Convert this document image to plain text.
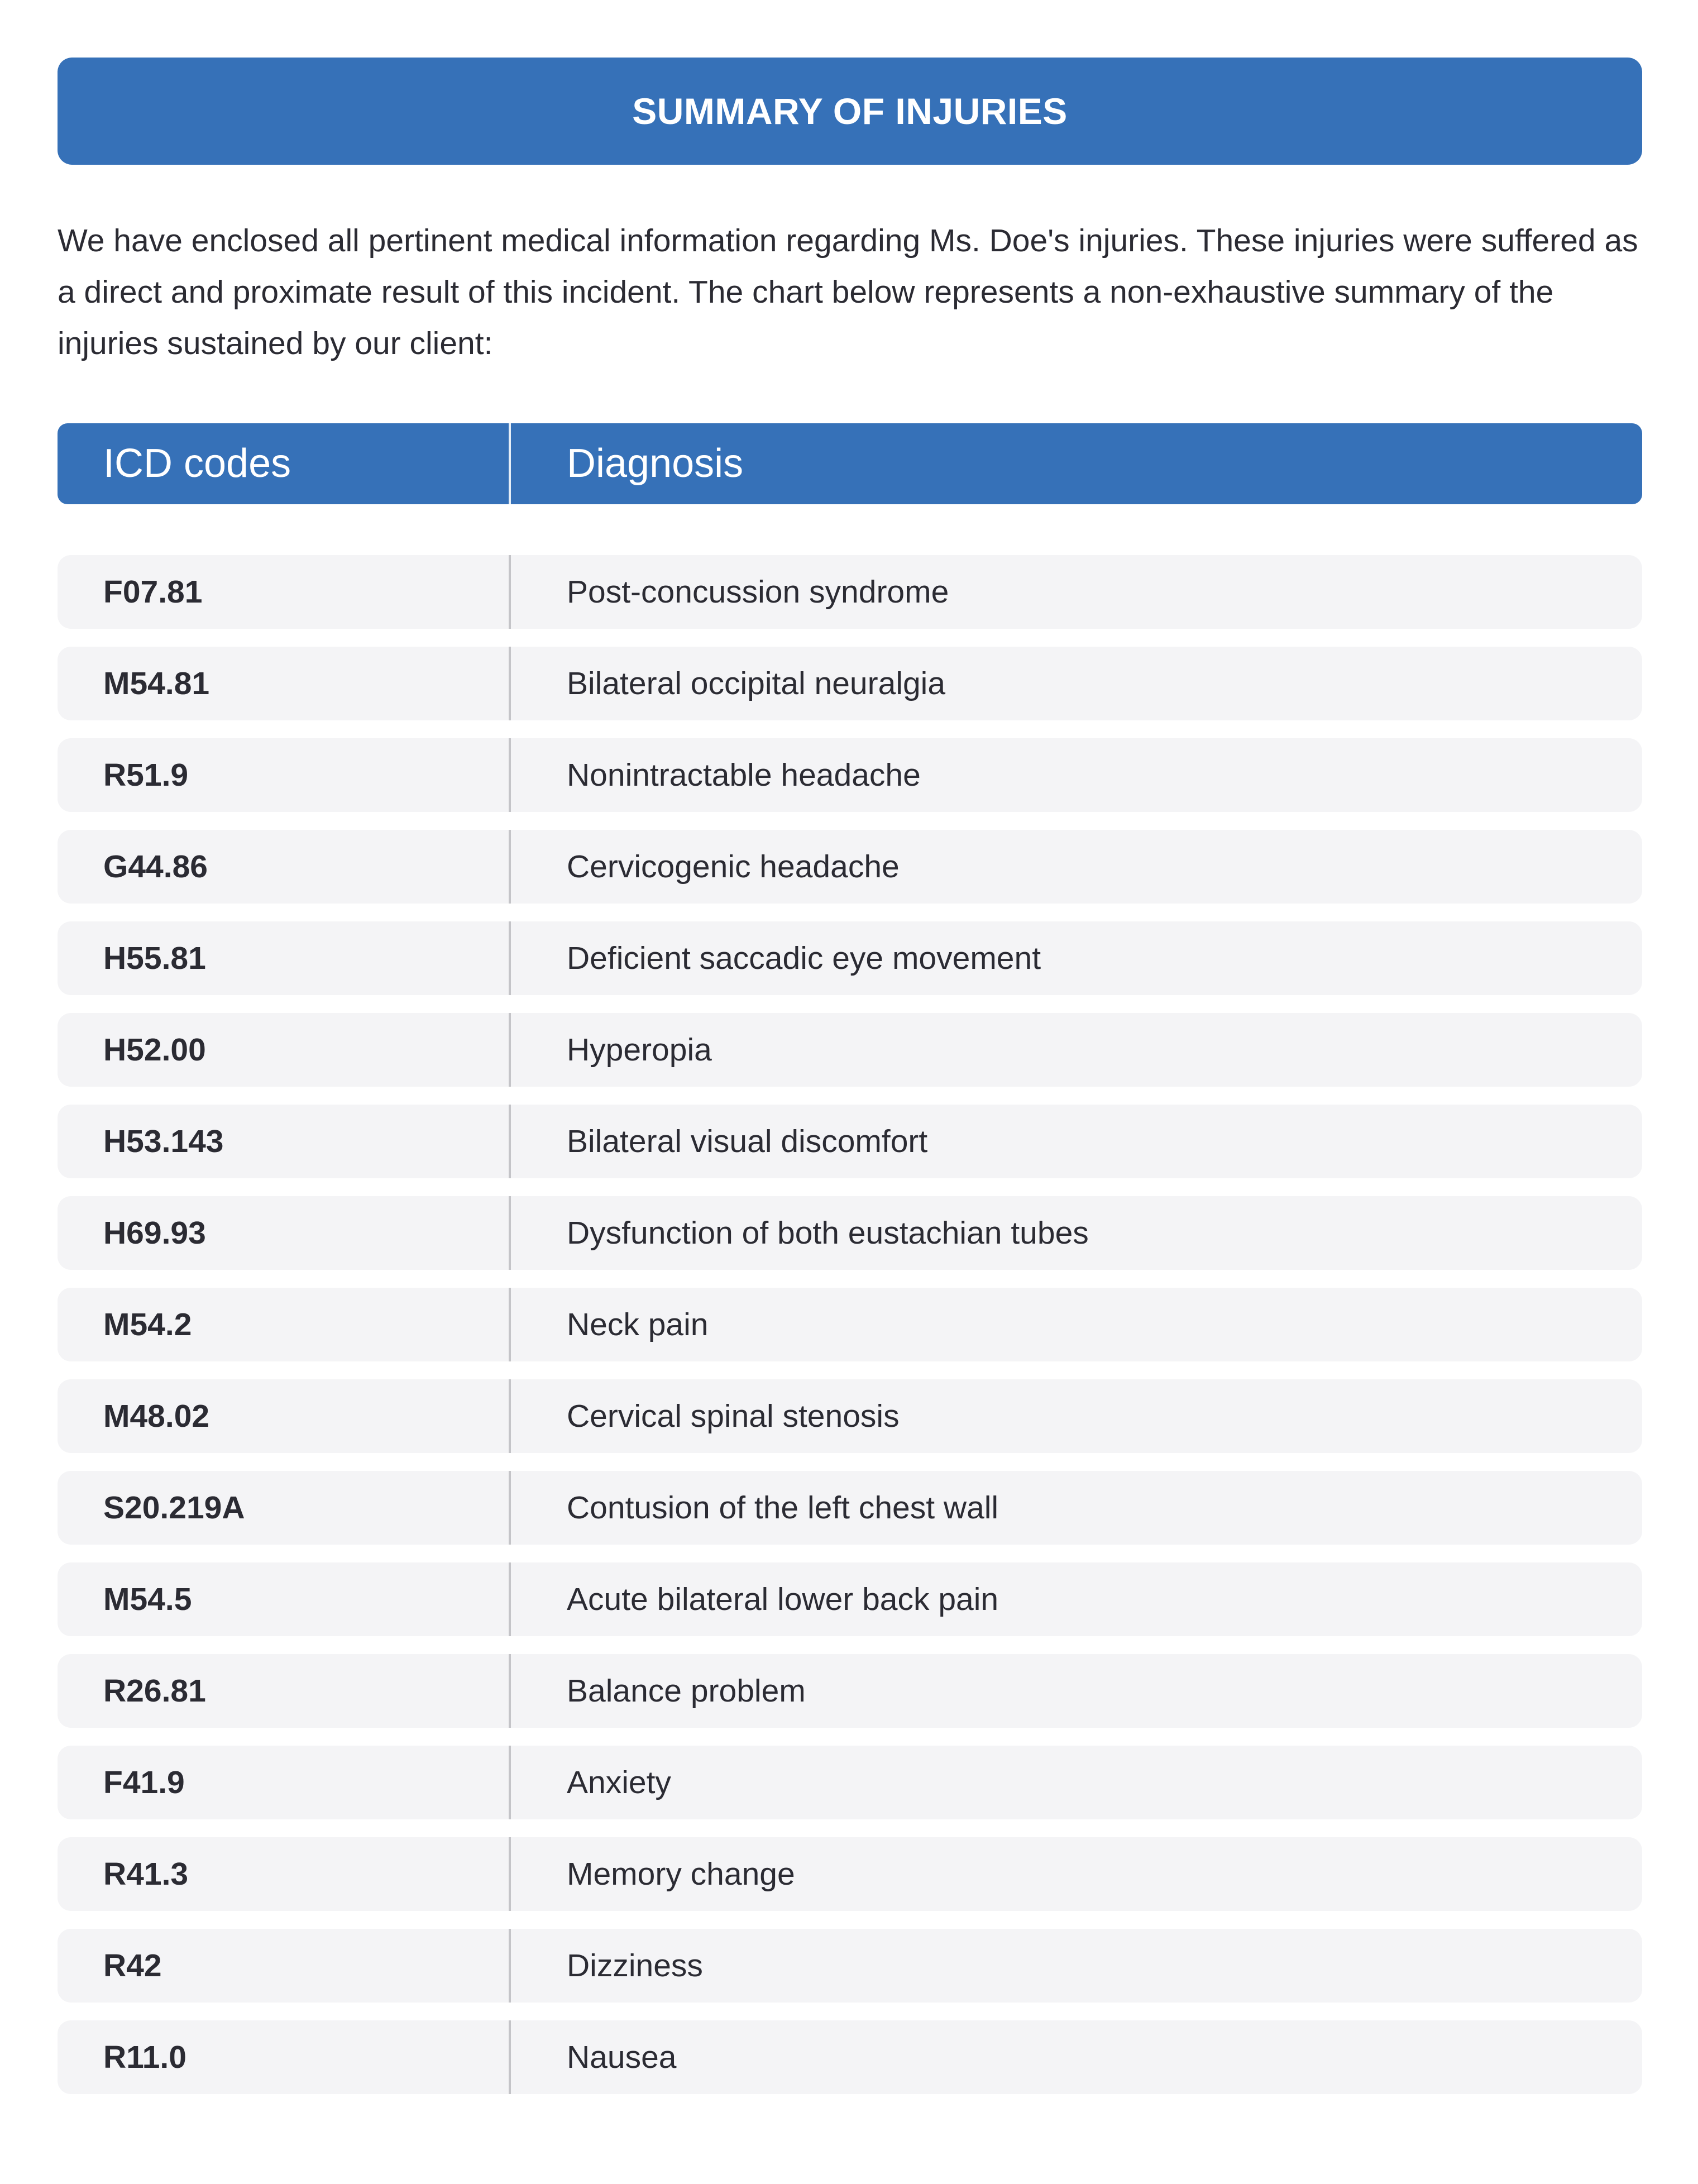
SUMMARY OF INJURIES

We have enclosed all pertinent medical information regarding Ms. Doe's injuries. These injuries were suffered as a direct and proximate result of this incident. The chart below represents a non-exhaustive summary of the injuries sustained by our client:

ICD codes	Diagnosis
F07.81	Post-concussion syndrome
M54.81	Bilateral occipital neuralgia
R51.9	Nonintractable headache
G44.86	Cervicogenic headache
H55.81	Deficient saccadic eye movement
H52.00	Hyperopia
H53.143	Bilateral visual discomfort
H69.93	Dysfunction of both eustachian tubes
M54.2	Neck pain
M48.02	Cervical spinal stenosis
S20.219A	Contusion of the left chest wall
M54.5	Acute bilateral lower back pain
R26.81	Balance problem
F41.9	Anxiety
R41.3	Memory change
R42	Dizziness
R11.0	Nausea
